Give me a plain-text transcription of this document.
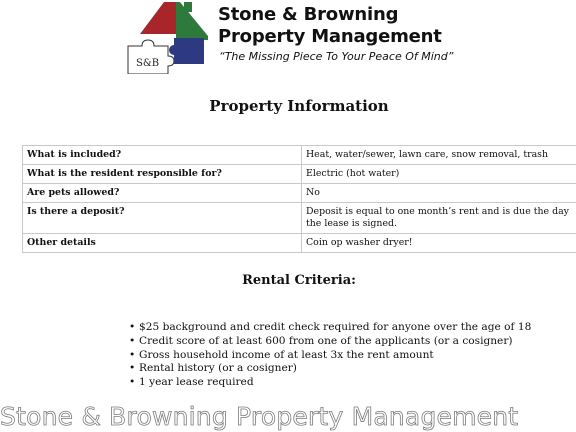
S&B
Stone & Browning
Property Management
“The Missing Piece To Your Peace Of Mind”
Property Information
What is included?	Heat, water/sewer, lawn care, snow removal, trash
What is the resident responsible for?	Electric (hot water)
Are pets allowed?	No
Is there a deposit?	Deposit is equal to one month’s rent and is due the day the lease is signed.
Other details	Coin op washer dryer!
Rental Criteria:
• $25 background and credit check required for anyone over the age of 18
• Credit score of at least 600 from one of the applicants (or a cosigner)
• Gross household income of at least 3x the rent amount
• Rental history (or a cosigner)
• 1 year lease required
Stone & Browning Property Management
